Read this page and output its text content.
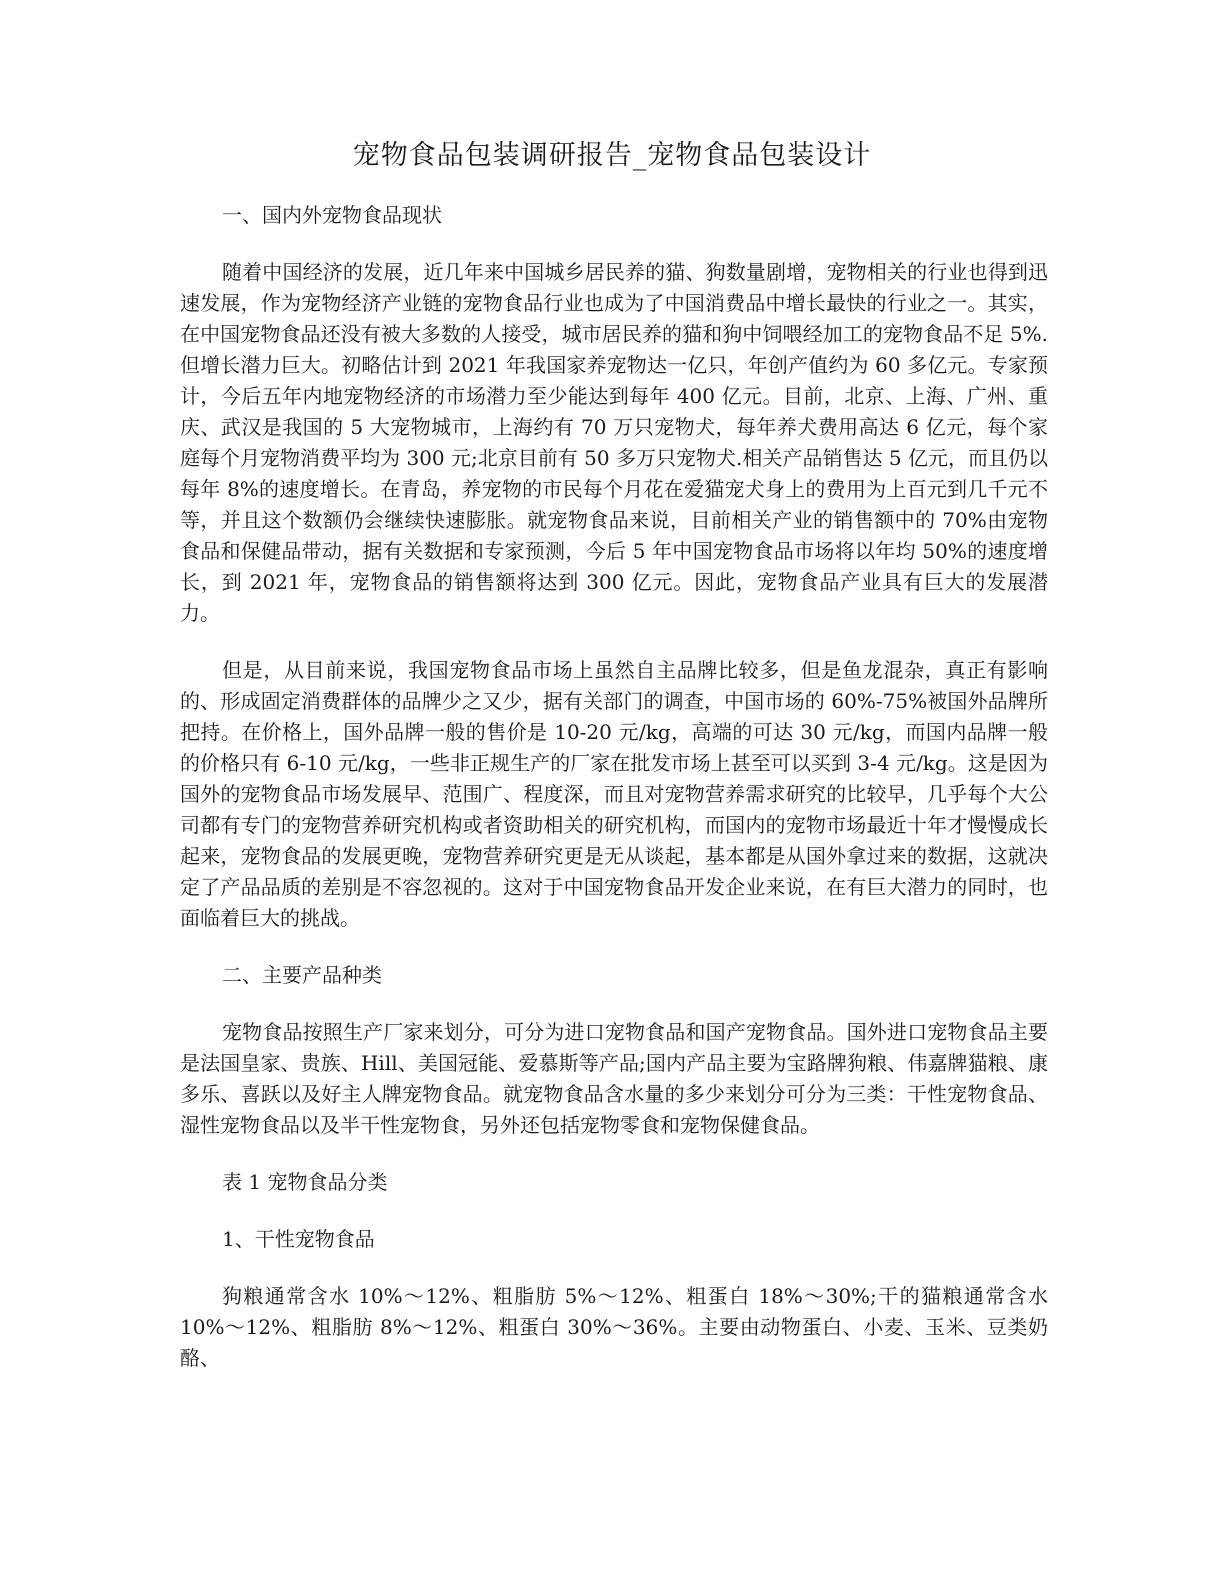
宠物食品包装调研报告_宠物食品包装设计
一、国内外宠物食品现状

随着中国经济的发展，近几年来中国城乡居民养的猫、狗数量剧增，宠物相关的行业也得到迅速发展，作为宠物经济产业链的宠物食品行业也成为了中国消费品中增长最快的行业之一。其实，在中国宠物食品还没有被大多数的人接受，城市居民养的猫和狗中饲喂经加工的宠物食品不足 5%.但增长潜力巨大。初略估计到 2021 年我国家养宠物达一亿只，年创产值约为 60 多亿元。专家预计，今后五年内地宠物经济的市场潜力至少能达到每年 400 亿元。目前，北京、上海、广州、重庆、武汉是我国的 5 大宠物城市，上海约有 70 万只宠物犬，每年养犬费用高达 6 亿元，每个家庭每个月宠物消费平均为 300 元;北京目前有 50 多万只宠物犬.相关产品销售达 5 亿元，而且仍以每年 8%的速度增长。在青岛，养宠物的市民每个月花在爱猫宠犬身上的费用为上百元到几千元不等，并且这个数额仍会继续快速膨胀。就宠物食品来说，目前相关产业的销售额中的 70%由宠物食品和保健品带动，据有关数据和专家预测，今后 5 年中国宠物食品市场将以年均 50%的速度增长，到 2021 年，宠物食品的销售额将达到 300 亿元。因此，宠物食品产业具有巨大的发展潜力。

但是，从目前来说，我国宠物食品市场上虽然自主品牌比较多，但是鱼龙混杂，真正有影响的、形成固定消费群体的品牌少之又少，据有关部门的调查，中国市场的 60%-75%被国外品牌所把持。在价格上，国外品牌一般的售价是 10-20 元/kg，高端的可达 30 元/kg，而国内品牌一般的价格只有 6-10 元/kg，一些非正规生产的厂家在批发市场上甚至可以买到 3-4 元/kg。这是因为国外的宠物食品市场发展早、范围广、程度深，而且对宠物营养需求研究的比较早，几乎每个大公司都有专门的宠物营养研究机构或者资助相关的研究机构，而国内的宠物市场最近十年才慢慢成长起来，宠物食品的发展更晚，宠物营养研究更是无从谈起，基本都是从国外拿过来的数据，这就决定了产品品质的差别是不容忽视的。这对于中国宠物食品开发企业来说，在有巨大潜力的同时，也面临着巨大的挑战。

二、主要产品种类

宠物食品按照生产厂家来划分，可分为进口宠物食品和国产宠物食品。国外进口宠物食品主要是法国皇家、贵族、Hill、美国冠能、爱慕斯等产品;国内产品主要为宝路牌狗粮、伟嘉牌猫粮、康多乐、喜跃以及好主人牌宠物食品。就宠物食品含水量的多少来划分可分为三类：干性宠物食品、湿性宠物食品以及半干性宠物食，另外还包括宠物零食和宠物保健食品。

表 1 宠物食品分类
1、干性宠物食品

狗粮通常含水 10%～12%、粗脂肪 5%～12%、粗蛋白 18%～30%;干的猫粮通常含水 10%～12%、粗脂肪 8%～12%、粗蛋白 30%～36%。主要由动物蛋白、小麦、玉米、豆类奶酪、
